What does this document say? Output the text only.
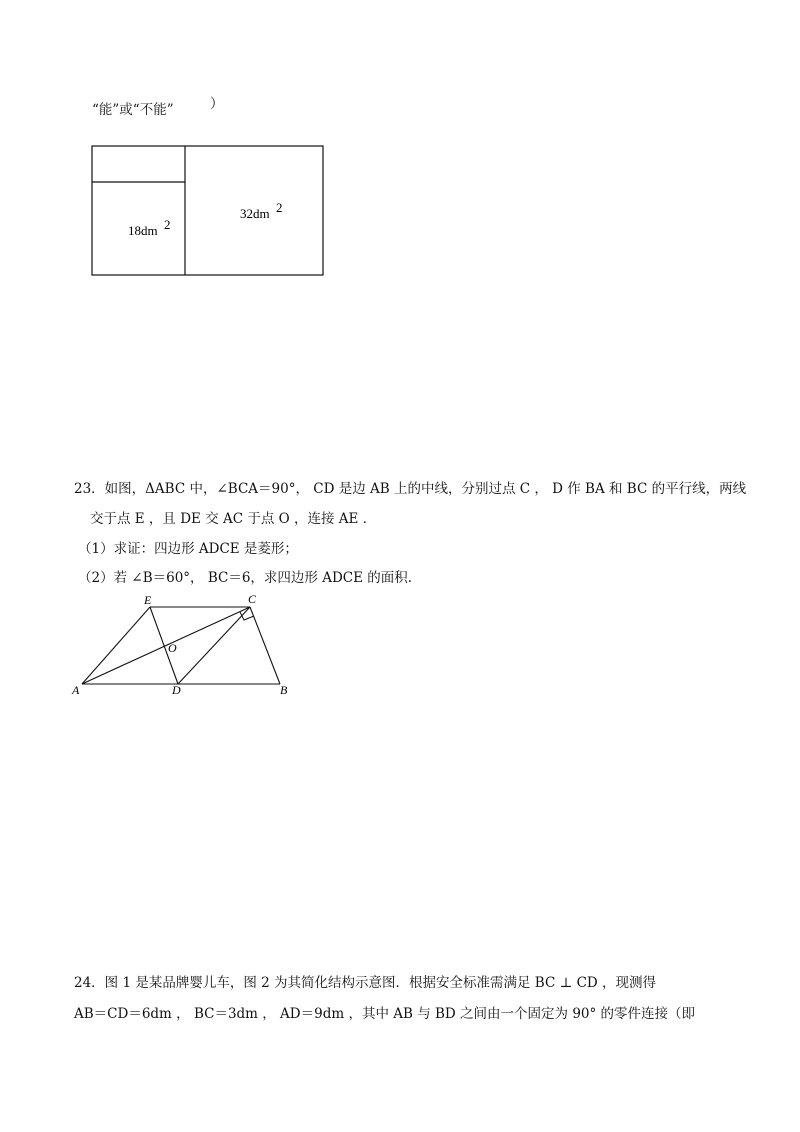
“能”或“不能”	）
18dm 2
32dm 2
23．如图，ΔABC 中，∠BCA＝90°， CD 是边 AB 上的中线，分别过点 C ， D 作 BA 和 BC 的平行线，两线
交于点 E ，且 DE 交 AC 于点 O ，连接 AE ．
（1）求证：四边形 ADCE 是菱形；
（2）若 ∠B＝60°， BC＝6，求四边形 ADCE 的面积．
E	C
O
A	D	B
24．图 1 是某品牌婴儿车，图 2 为其简化结构示意图．根据安全标准需满足 BC ⊥ CD ，现测得
AB＝CD＝6dm ， BC＝3dm ， AD＝9dm ，其中 AB 与 BD 之间由一个固定为 90° 的零件连接（即
